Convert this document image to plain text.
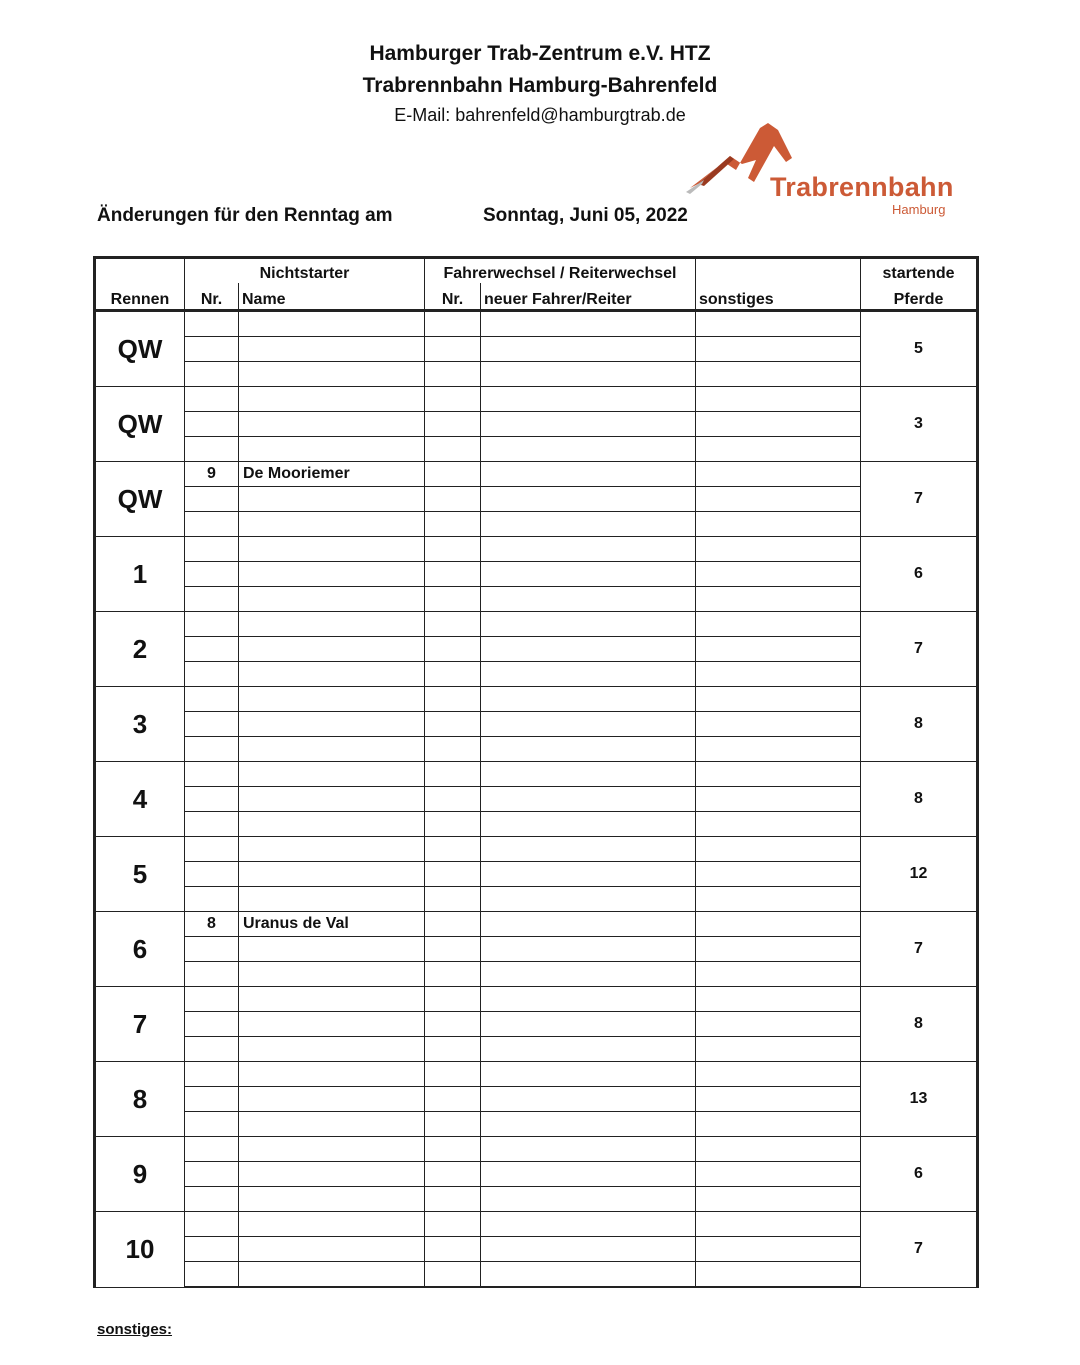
Hamburger Trab-Zentrum e.V. HTZ
Trabrennbahn Hamburg-Bahrenfeld
E-Mail: bahrenfeld@hamburgtrab.de
Trabrennbahn
Hamburg
Änderungen für den Renntag am	Sonntag, Juni 05, 2022
	Nichtstarter		Fahrerwechsel / Reiterwechsel			startende
Rennen	Nr.	Name	Nr.	neuer Fahrer/Reiter	sonstiges	Pferde
QW						5

QW						3

QW	9	De Mooriemer				7

1						6

2						7

3						8

4						8

5						12

6	8	Uranus de Val				7

7						8

8						13

9						6

10						7

sonstiges:
